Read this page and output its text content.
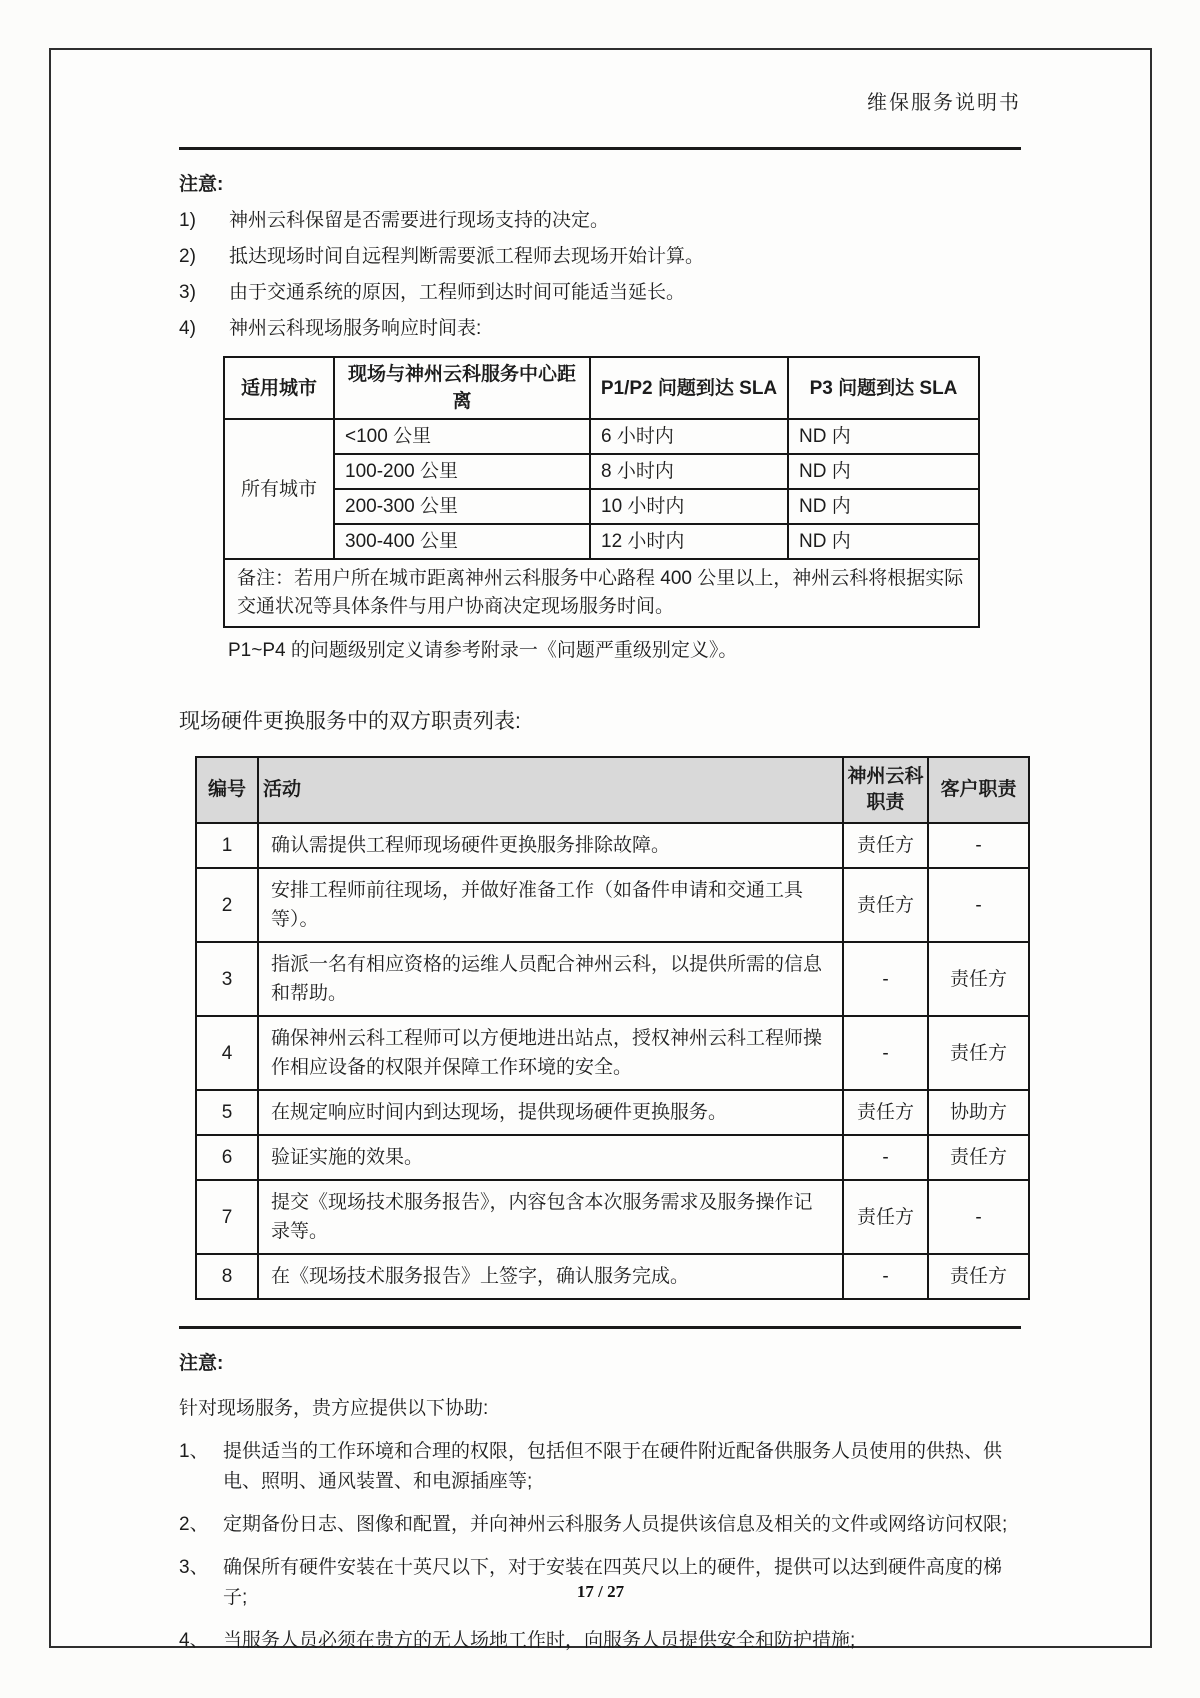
维保服务说明书
注意:
1)	神州云科保留是否需要进行现场支持的决定。
2)	抵达现场时间自远程判断需要派工程师去现场开始计算。
3)	由于交通系统的原因，工程师到达时间可能适当延长。
4)	神州云科现场服务响应时间表:
适用城市	现场与神州云科服务中心距离	P1/P2 问题到达 SLA	P3 问题到达 SLA
所有城市	<100 公里	6 小时内	ND 内
	100-200 公里	8 小时内	ND 内
	200-300 公里	10 小时内	ND 内
	300-400 公里	12 小时内	ND 内
备注：若用户所在城市距离神州云科服务中心路程 400 公里以上，神州云科将根据实际交通状况等具体条件与用户协商决定现场服务时间。			
P1~P4 的问题级别定义请参考附录一《问题严重级别定义》。
现场硬件更换服务中的双方职责列表:
编号	活动	神州云科职责	客户职责
1	确认需提供工程师现场硬件更换服务排除故障。	责任方	-
2	安排工程师前往现场，并做好准备工作（如备件申请和交通工具等）。	责任方	-
3	指派一名有相应资格的运维人员配合神州云科，以提供所需的信息和帮助。	-	责任方
4	确保神州云科工程师可以方便地进出站点，授权神州云科工程师操作相应设备的权限并保障工作环境的安全。	-	责任方
5	在规定响应时间内到达现场，提供现场硬件更换服务。	责任方	协助方
6	验证实施的效果。	-	责任方
7	提交《现场技术服务报告》，内容包含本次服务需求及服务操作记录等。	责任方	-
8	在《现场技术服务报告》上签字，确认服务完成。	-	责任方
注意:
针对现场服务，贵方应提供以下协助:
1、 提供适当的工作环境和合理的权限，包括但不限于在硬件附近配备供服务人员使用的供热、供电、照明、通风装置、和电源插座等;
2、 定期备份日志、图像和配置，并向神州云科服务人员提供该信息及相关的文件或网络访问权限;
3、 确保所有硬件安装在十英尺以下，对于安装在四英尺以上的硬件，提供可以达到硬件高度的梯子;
4、 当服务人员必须在贵方的无人场地工作时，向服务人员提供安全和防护措施;
17 / 27
